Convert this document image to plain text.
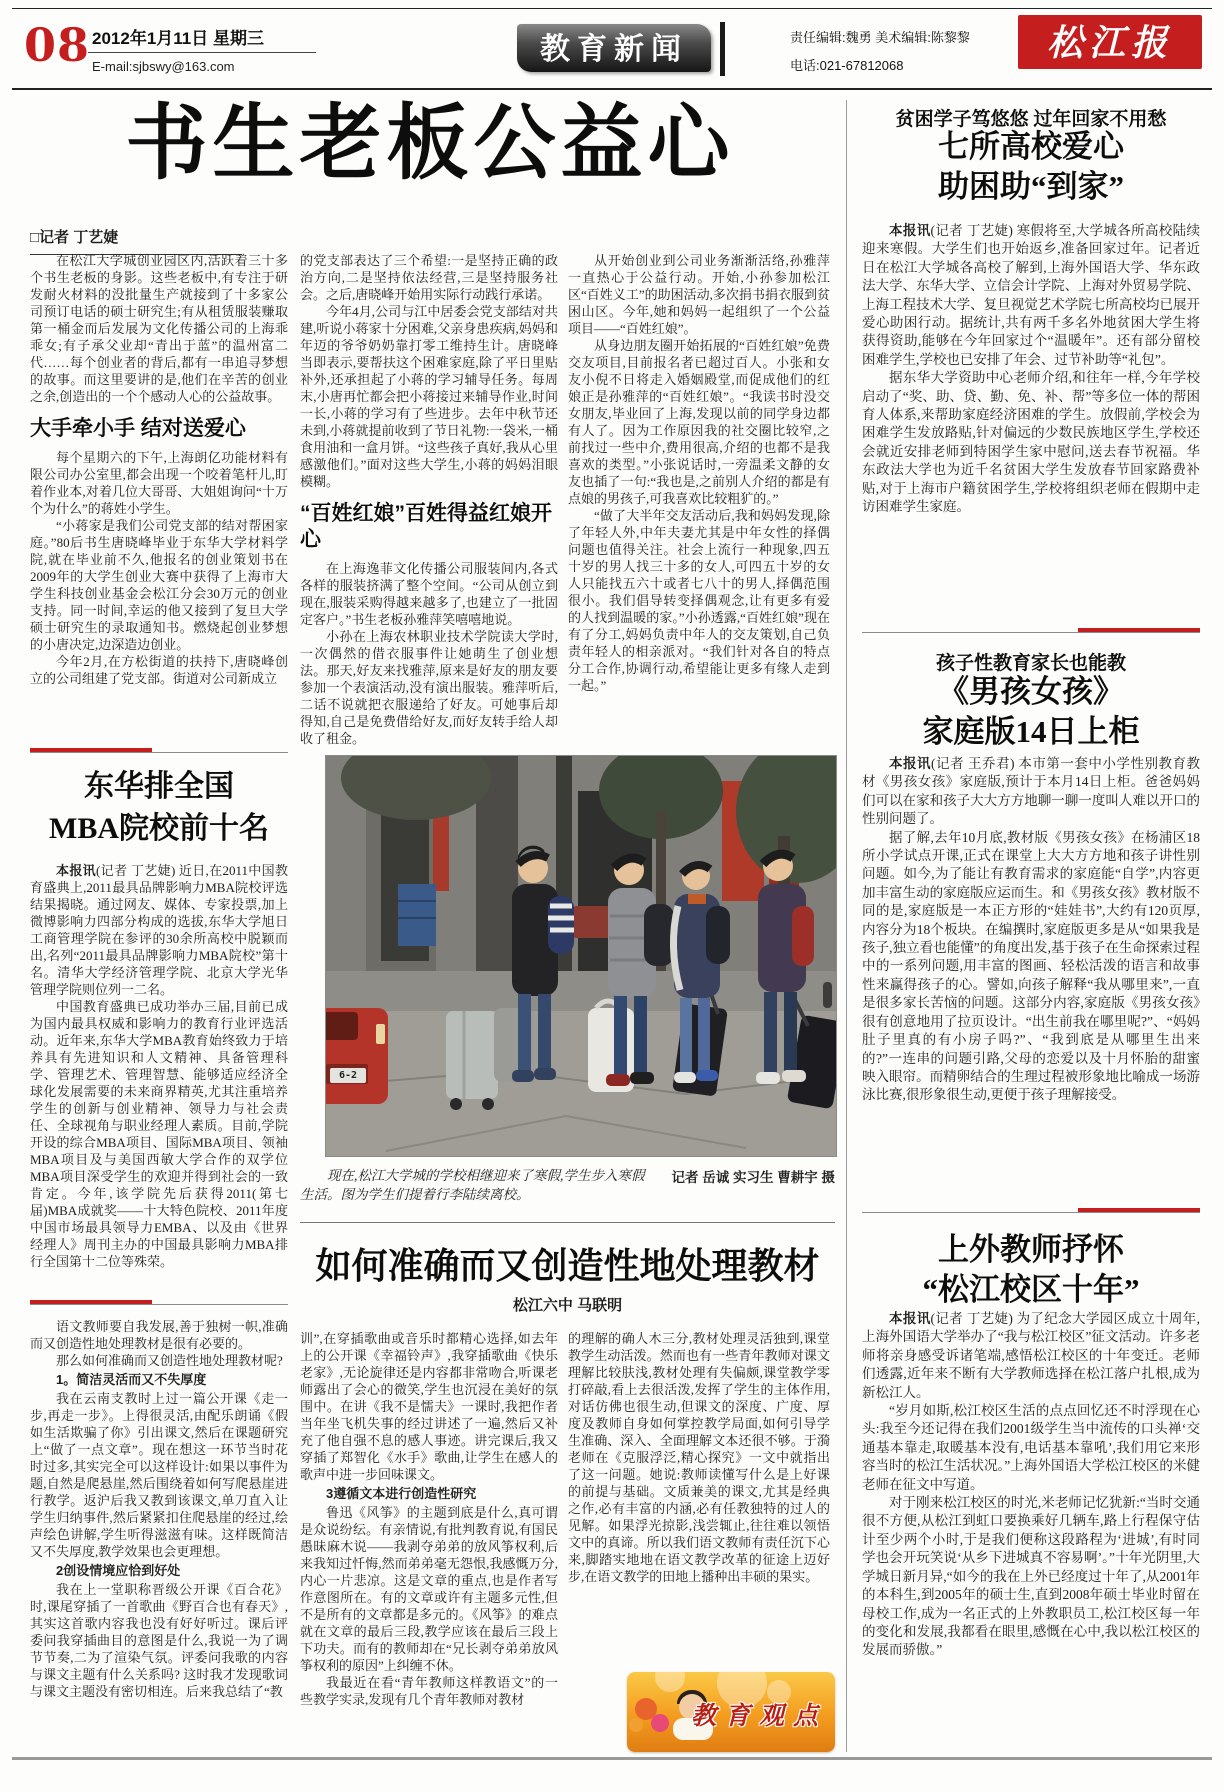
08 2012年1月11日 星期三
E-mail:sjbswy@163.com
教育新闻	责任编辑:魏勇 美术编辑:陈黎黎
电话:021-67812068
松江报
书生老板公益心
□记者 丁艺婕

在松江大学城创业园区内,活跃着三十多个书生老板的身影。这些老板中,有专注于研发耐火材料的没批量生产就接到了十多家公司预订电话的硕士研究生;有从租赁服装赚取第一桶金而后发展为文化传播公司的上海乖乖女;有子承父业却“青出于蓝”的温州富二代……每个创业者的背后,都有一串追寻梦想的故事。而这里要讲的是,他们在辛苦的创业之余,创造出的一个个感动人心的公益故事。

大手牵小手 结对送爱心

每个星期六的下午,上海朗亿功能材料有限公司办公室里,都会出现一个咬着笔杆儿,盯着作业本,对着几位大哥哥、大姐姐询问“十万个为什么”的蒋姓小学生。

“小蒋家是我们公司党支部的结对帮困家庭。”80后书生唐晓峰毕业于东华大学材料学院,就在毕业前不久,他报名的创业策划书在2009年的大学生创业大赛中获得了上海市大学生科技创业基金会松江分会30万元的创业支持。同一时间,幸运的他又接到了复旦大学硕士研究生的录取通知书。燃烧起创业梦想的小唐决定,边深造边创业。

今年2月,在方松街道的扶持下,唐晓峰创立的公司组建了党支部。街道对公司新成立

的党支部表达了三个希望:一是坚持正确的政治方向,二是坚持依法经营,三是坚持服务社会。之后,唐晓峰开始用实际行动践行承诺。

今年4月,公司与江中居委会党支部结对共建,听说小蒋家十分困难,父亲身患疾病,妈妈和年迈的爷爷奶奶靠打零工维持生计。唐晓峰当即表示,要帮扶这个困难家庭,除了平日里贴补外,还承担起了小蒋的学习辅导任务。每周末,小唐再忙都会把小蒋接过来辅导作业,时间一长,小蒋的学习有了些进步。去年中秋节还未到,小蒋就提前收到了节日礼物:一袋米,一桶食用油和一盒月饼。“这些孩子真好,我从心里感激他们。”面对这些大学生,小蒋的妈妈泪眼模糊。

“百姓红娘”百姓得益红娘开心

在上海逸菲文化传播公司服装间内,各式各样的服装挤满了整个空间。“公司从创立到现在,服装采购得越来越多了,也建立了一批固定客户。”书生老板孙雅萍笑嘻嘻地说。

小孙在上海农林职业技术学院读大学时,一次偶然的借衣服事件让她萌生了创业想法。那天,好友来找雅萍,原来是好友的朋友要参加一个表演活动,没有演出服装。雅萍听后,二话不说就把衣服递给了好友。可她事后却得知,自己是免费借给好友,而好友转手给人却收了租金。

从开始创业到公司业务渐渐活络,孙雅萍一直热心于公益行动。开始,小孙参加松江区“百姓义工”的助困活动,多次捐书捐衣服到贫困山区。今年,她和妈妈一起组织了一个公益项目——“百姓红娘”。

从身边朋友圈开始拓展的“百姓红娘”免费交友项目,目前报名者已超过百人。小张和女友小倪不日将走入婚姻殿堂,而促成他们的红娘正是孙雅萍的“百姓红娘”。“我读书时没交女朋友,毕业回了上海,发现以前的同学身边都有人了。因为工作原因我的社交圈比较窄,之前找过一些中介,费用很高,介绍的也都不是我喜欢的类型。”小张说话时,一旁温柔文静的女友也插了一句:“我也是,之前别人介绍的都是有点娘的男孩子,可我喜欢比较粗犷的。”

“做了大半年交友活动后,我和妈妈发现,除了年轻人外,中年夫妻尤其是中年女性的择偶问题也值得关注。社会上流行一种现象,四五十岁的男人找三十多的女人,可四五十岁的女人只能找五六十或者七八十的男人,择偶范围很小。我们倡导转变择偶观念,让有更多有爱的人找到温暖的家。”小孙透露,“百姓红娘”现在有了分工,妈妈负责中年人的交友策划,自己负责年轻人的相亲派对。“我们针对各自的特点分工合作,协调行动,希望能让更多有缘人走到一起。”

东华排全国
MBA院校前十名

本报讯(记者 丁艺婕) 近日,在2011中国教育盛典上,2011最具品牌影响力MBA院校评选结果揭晓。通过网友、媒体、专家投票,加上微博影响力四部分构成的选拔,东华大学旭日工商管理学院在参评的30余所高校中脱颖而出,名列“2011最具品牌影响力MBA院校”第十名。清华大学经济管理学院、北京大学光华管理学院则位列一二名。

中国教育盛典已成功举办三届,目前已成为国内最具权威和影响力的教育行业评选活动。近年来,东华大学MBA教育始终致力于培养具有先进知识和人文精神、具备管理科学、管理艺术、管理智慧、能够适应经济全球化发展需要的未来商界精英,尤其注重培养学生的创新与创业精神、领导力与社会责任、全球视角与职业经理人素质。目前,学院开设的综合MBA项目、国际MBA项目、领袖MBA项目及与美国西敏大学合作的双学位MBA项目深受学生的欢迎并得到社会的一致肯定。今年,该学院先后获得2011(第七届)MBA成就奖——十大特色院校、2011年度中国市场最具领导力EMBA、以及由《世界经理人》周刊主办的中国最具影响力MBA排行全国第十二位等殊荣。

6-2

记者 岳诚 实习生 曹耕宇 摄
现在,松江大学城的学校相继迎来了寒假,学生步入寒假生活。图为学生们提着行李陆续离校。

如何准确而又创造性地处理教材
松江六中 马联明

语文教师要自我发展,善于独树一帜,准确而又创造性地处理教材是很有必要的。

那么如何准确而又创造性地处理教材呢?

1。简洁灵活而又不失厚度

我在云南支教时上过一篇公开课《走一步,再走一步》。上得很灵活,由配乐朗诵《假如生活欺骗了你》引出课文,然后在课题研究上“做了一点文章”。现在想这一环节当时花时过多,其实完全可以这样设计:如果以事件为题,自然是爬悬崖,然后围绕着如何写爬悬崖进行教学。返沪后我又教到该课文,单刀直入让学生归纳事件,然后紧紧扣住爬悬崖的经过,绘声绘色讲解,学生听得滋滋有味。这样既简洁又不失厚度,教学效果也会更理想。

2创设情境应恰到好处

我在上一堂职称晋级公开课《百合花》时,课尾穿插了一首歌曲《野百合也有春天》,其实这首歌内容我也没有好好听过。课后评委问我穿插曲目的意图是什么,我说一为了调节节奏,二为了渲染气氛。评委问我歌的内容与课文主题有什么关系吗? 这时我才发现歌词与课文主题没有密切相连。后来我总结了“教

训”,在穿插歌曲或音乐时都精心选择,如去年上的公开课《幸福铃声》,我穿插歌曲《快乐老家》,无论旋律还是内容都非常吻合,听课老师露出了会心的微笑,学生也沉浸在美好的氛围中。在讲《我不是懦夫》一课时,我把作者当年坐飞机失事的经过讲述了一遍,然后又补充了他自强不息的感人事迹。讲完课后,我又穿插了郑智化《水手》歌曲,让学生在感人的歌声中进一步回味课文。

3遵循文本进行创造性研究

鲁迅《风筝》的主题到底是什么,真可谓是众说纷纭。有亲情说,有批判教育说,有国民愚昧麻木说——我剥夺弟弟的放风筝权利,后来我知过忏悔,然而弟弟毫无怨恨,我感慨万分,内心一片悲凉。这是文章的重点,也是作者写作意图所在。有的文章或许有主题多元性,但不是所有的文章都是多元的。《风筝》的难点就在文章的最后三段,教学应该在最后三段上下功夫。而有的教师却在“兄长剥夺弟弟放风筝权利的原因”上纠缠不休。

我最近在看“青年教师这样教语文”的一些教学实录,发现有几个青年教师对教材

的理解的确人木三分,教材处理灵活独到,课堂教学生动活泼。然而也有一些青年教师对课文理解比较肤浅,教材处理有失偏颇,课堂教学零打碎敲,看上去很活泼,发挥了学生的主体作用,对话仿佛也很生动,但课文的深度、广度、厚度及教师自身如何掌控教学局面,如何引导学生准确、深入、全面理解文本还很不够。于漪老师在《克服浮泛,精心探究》一文中就指出了这一问题。她说:教师读懂写什么是上好课的前提与基础。文质兼美的课文,尤其是经典之作,必有丰富的内涵,必有任教独特的过人的见解。如果浮光掠影,浅尝辄止,往往难以领悟文中的真谛。所以我们语文教师有责任沉下心来,脚踏实地地在语文教学改革的征途上迈好步,在语文教学的田地上播种出丰硕的果实。

教育观点
贫困学子笃悠悠 过年回家不用愁
七所高校爱心
助困助“到家”

本报讯(记者 丁艺婕) 寒假将至,大学城各所高校陆续迎来寒假。大学生们也开始返乡,准备回家过年。记者近日在松江大学城各高校了解到,上海外国语大学、华东政法大学、东华大学、立信会计学院、上海对外贸易学院、上海工程技术大学、复旦视觉艺术学院七所高校均已展开爱心助困行动。据统计,共有两千多名外地贫困大学生将获得资助,能够在今年回家过个“温暖年”。还有部分留校困难学生,学校也已安排了年会、过节补助等“礼包”。

据东华大学资助中心老师介绍,和往年一样,今年学校启动了“奖、助、贷、勤、免、补、帮”等多位一体的帮困育人体系,来帮助家庭经济困难的学生。放假前,学校会为困难学生发放路贴,针对偏远的少数民族地区学生,学校还会就近安排老师到特困学生家中慰问,送去春节祝福。华东政法大学也为近千名贫困大学生发放春节回家路费补贴,对于上海市户籍贫困学生,学校将组织老师在假期中走访困难学生家庭。

孩子性教育家长也能教
《男孩女孩》
家庭版14日上柜

本报讯(记者 王乔君) 本市第一套中小学性别教育教材《男孩女孩》家庭版,预计于本月14日上柜。爸爸妈妈们可以在家和孩子大大方方地聊一聊一度叫人难以开口的性别问题了。

据了解,去年10月底,教材版《男孩女孩》在杨浦区18所小学试点开课,正式在课堂上大大方方地和孩子讲性别问题。如今,为了能让有教育需求的家庭能“自学”,内容更加丰富生动的家庭版应运而生。和《男孩女孩》教材版不同的是,家庭版是一本正方形的“娃娃书”,大约有120页厚,内容分为18个板块。在编撰时,家庭版更多是从“如果我是孩子,独立看也能懂”的角度出发,基于孩子在生命探索过程中的一系列问题,用丰富的图画、轻松活泼的语言和故事性来赢得孩子的心。譬如,向孩子解释“我从哪里来”,一直是很多家长苦恼的问题。这部分内容,家庭版《男孩女孩》很有创意地用了拉页设计。“出生前我在哪里呢?”、“妈妈肚子里真的有小房子吗?”、“我到底是从哪里生出来的?”一连串的问题引路,父母的恋爱以及十月怀胎的甜蜜映入眼帘。而精卵结合的生理过程被形象地比喻成一场游泳比赛,很形象很生动,更便于孩子理解接受。

上外教师抒怀
“松江校区十年”

本报讯(记者 丁艺婕) 为了纪念大学园区成立十周年,上海外国语大学举办了“我与松江校区”征文活动。许多老师将亲身感受诉诸笔端,感悟松江校区的十年变迁。老师们透露,近年来不断有大学教师选择在松江落户扎根,成为新松江人。

“岁月如斯,松江校区生活的点点回忆还不时浮现在心头:我至今还记得在我们2001级学生当中流传的口头禅‘交通基本靠走,取暖基本没有,电话基本靠吼’,我们用它来形容当时的松江生活状况。”上海外国语大学松江校区的米健老师在征文中写道。

对于刚来松江校区的时光,米老师记忆犹新:“当时交通很不方便,从松江到虹口要换乘好几辆车,路上行程保守估计至少两个小时,于是我们便称这段路程为‘进城’,有时同学也会开玩笑说‘从乡下进城真不容易啊’。”十年光阴里,大学城日新月异,“如今的我在上外已经度过十年了,从2001年的本科生,到2005年的硕士生,直到2008年硕士毕业时留在母校工作,成为一名正式的上外教职员工,松江校区每一年的变化和发展,我都看在眼里,感慨在心中,我以松江校区的发展而骄傲。”
